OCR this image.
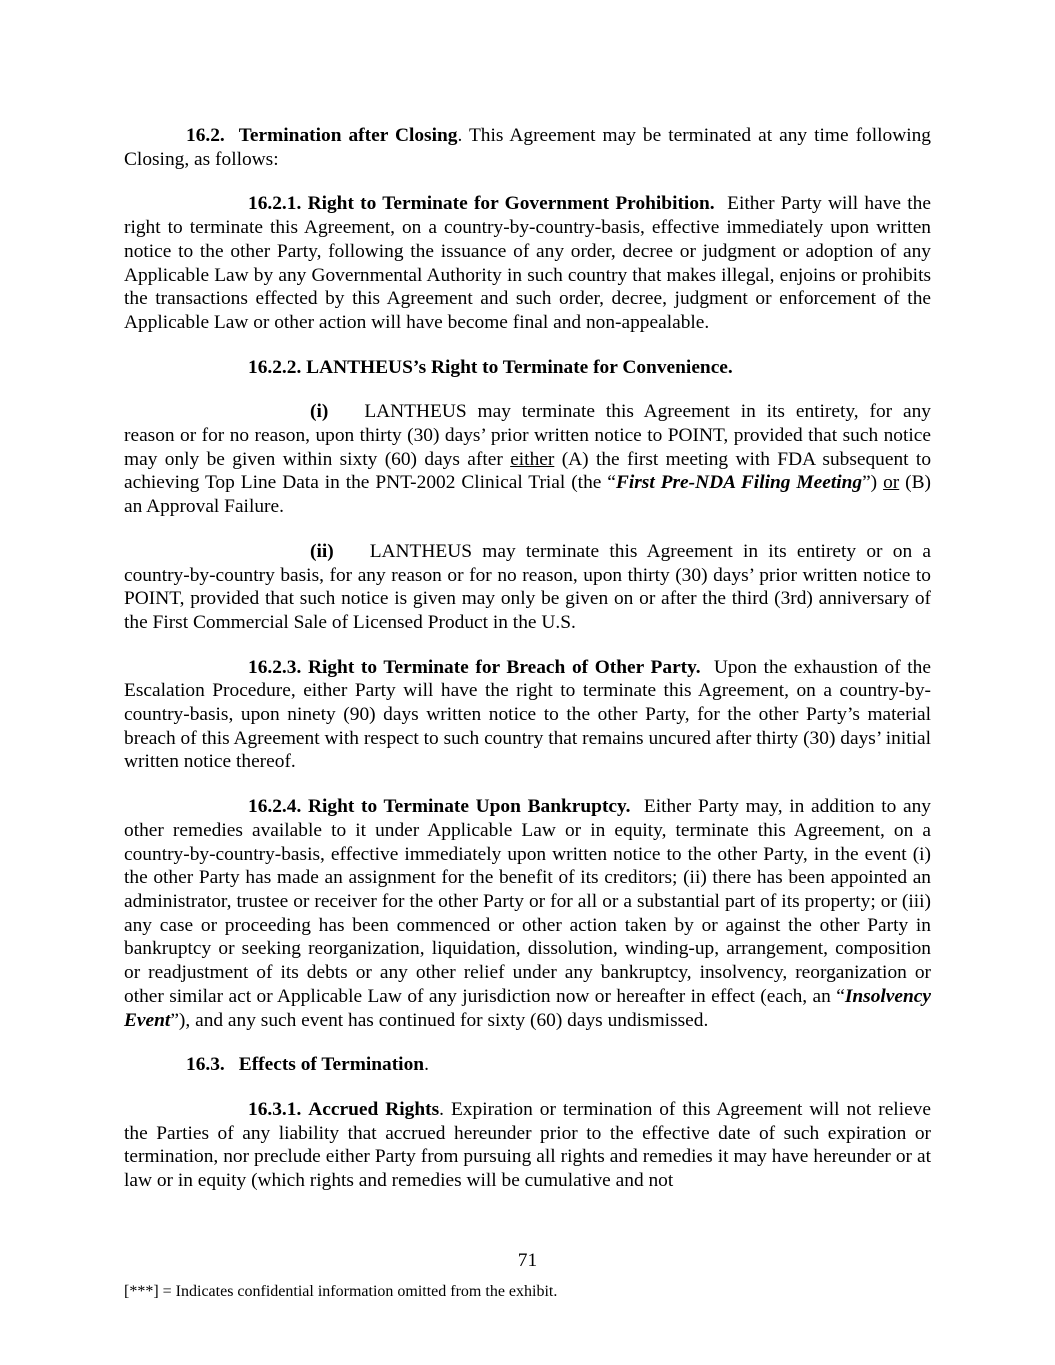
16.2. Termination after Closing. This Agreement may be terminated at any time following Closing, as follows:

16.2.1. Right to Terminate for Government Prohibition. Either Party will have the right to terminate this Agreement, on a country-by-country-basis, effective immediately upon written notice to the other Party, following the issuance of any order, decree or judgment or adoption of any Applicable Law by any Governmental Authority in such country that makes illegal, enjoins or prohibits the transactions effected by this Agreement and such order, decree, judgment or enforcement of the Applicable Law or other action will have become final and non-appealable.

16.2.2. LANTHEUS’s Right to Terminate for Convenience.

(i) LANTHEUS may terminate this Agreement in its entirety, for any reason or for no reason, upon thirty (30) days’ prior written notice to POINT, provided that such notice may only be given within sixty (60) days after either (A) the first meeting with FDA subsequent to achieving Top Line Data in the PNT-2002 Clinical Trial (the “First Pre-NDA Filing Meeting”) or (B) an Approval Failure.

(ii) LANTHEUS may terminate this Agreement in its entirety or on a country-by-country basis, for any reason or for no reason, upon thirty (30) days’ prior written notice to POINT, provided that such notice is given may only be given on or after the third (3rd) anniversary of the First Commercial Sale of Licensed Product in the U.S.

16.2.3. Right to Terminate for Breach of Other Party. Upon the exhaustion of the Escalation Procedure, either Party will have the right to terminate this Agreement, on a country-by-country-basis, upon ninety (90) days written notice to the other Party, for the other Party’s material breach of this Agreement with respect to such country that remains uncured after thirty (30) days’ initial written notice thereof.

16.2.4. Right to Terminate Upon Bankruptcy. Either Party may, in addition to any other remedies available to it under Applicable Law or in equity, terminate this Agreement, on a country-by-country-basis, effective immediately upon written notice to the other Party, in the event (i) the other Party has made an assignment for the benefit of its creditors; (ii) there has been appointed an administrator, trustee or receiver for the other Party or for all or a substantial part of its property; or (iii) any case or proceeding has been commenced or other action taken by or against the other Party in bankruptcy or seeking reorganization, liquidation, dissolution, winding-up, arrangement, composition or readjustment of its debts or any other relief under any bankruptcy, insolvency, reorganization or other similar act or Applicable Law of any jurisdiction now or hereafter in effect (each, an “Insolvency Event”), and any such event has continued for sixty (60) days undismissed.

16.3. Effects of Termination.

16.3.1. Accrued Rights. Expiration or termination of this Agreement will not relieve the Parties of any liability that accrued hereunder prior to the effective date of such expiration or termination, nor preclude either Party from pursuing all rights and remedies it may have hereunder or at law or in equity (which rights and remedies will be cumulative and not

71
[***] = Indicates confidential information omitted from the exhibit.
